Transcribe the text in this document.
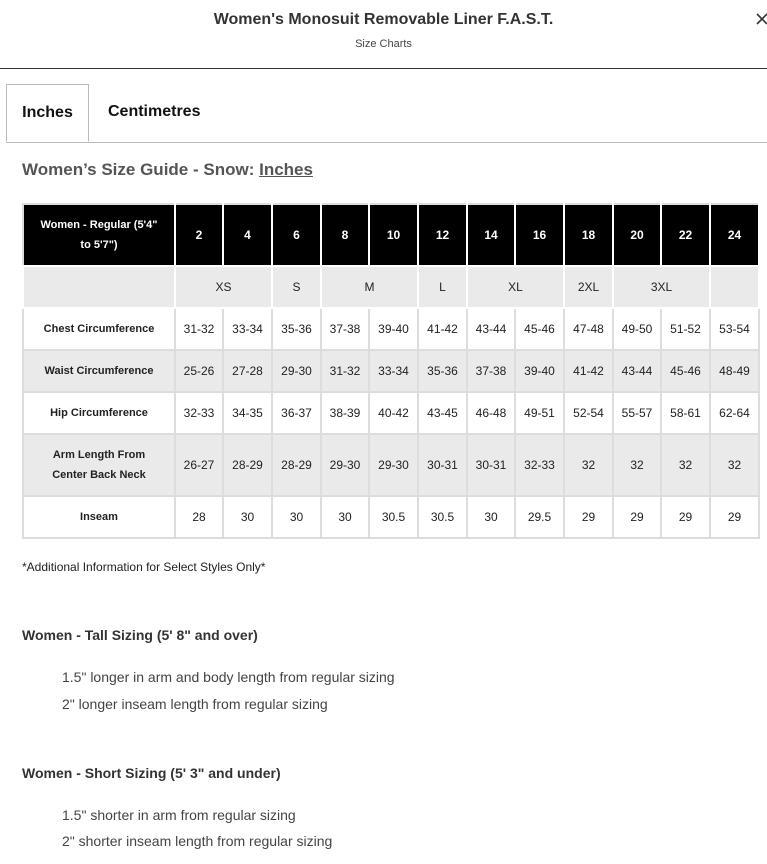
Women's Monosuit Removable Liner F.A.S.T.
Size Charts
Inches	Centimetres
Women’s Size Guide - Snow: Inches
Women - Regular (5'4"
to 5'7")	2	4	6	8	10	12	14	16	18	20	22	24
	XS		S	M		L	XL		2XL	3XL		
Chest Circumference	31-32	33-34	35-36	37-38	39-40	41-42	43-44	45-46	47-48	49-50	51-52	53-54
Waist Circumference	25-26	27-28	29-30	31-32	33-34	35-36	37-38	39-40	41-42	43-44	45-46	48-49
Hip Circumference	32-33	34-35	36-37	38-39	40-42	43-45	46-48	49-51	52-54	55-57	58-61	62-64
Arm Length From
Center Back Neck	26-27	28-29	28-29	29-30	29-30	30-31	30-31	32-33	32	32	32	32
Inseam	28	30	30	30	30.5	30.5	30	29.5	29	29	29	29
*Additional Information for Select Styles Only*
Women - Tall Sizing (5' 8" and over)
1.5" longer in arm and body length from regular sizing
2" longer inseam length from regular sizing
Women - Short Sizing (5' 3" and under)
1.5" shorter in arm from regular sizing
2" shorter inseam length from regular sizing
